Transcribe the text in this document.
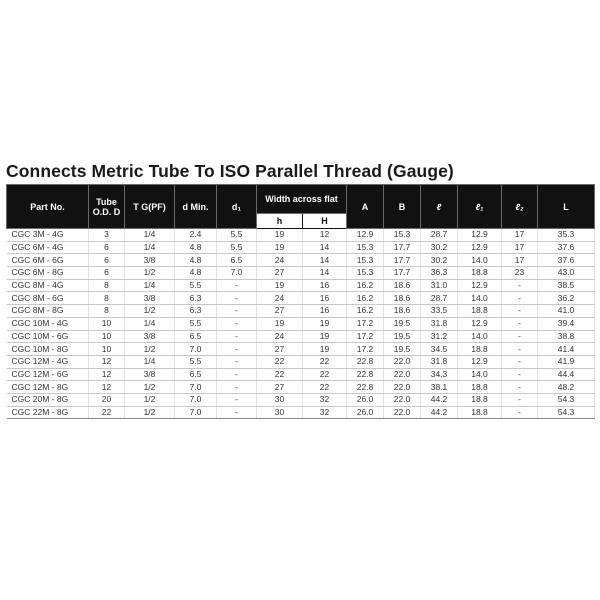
Connects Metric Tube To ISO Parallel Thread (Gauge)
Part No.	Tube O.D. D	T G(PF)	d Min.	d₁	Width across flat		A	B	ℓ	ℓ₁	ℓ₂	L
					h	H						
CGC 3M - 4G	3	1/4	2.4	5.5	19	12	12.9	15.3	28.7	12.9	17	35.3
CGC 6M - 4G	6	1/4	4.8	5.5	19	14	15.3	17.7	30.2	12.9	17	37.6
CGC 6M - 6G	6	3/8	4.8	6.5	24	14	15.3	17.7	30.2	14.0	17	37.6
CGC 6M - 8G	6	1/2	4.8	7.0	27	14	15.3	17.7	36.3	18.8	23	43.0
CGC 8M - 4G	8	1/4	5.5	-	19	16	16.2	18.6	31.0	12.9	-	38.5
CGC 8M - 6G	8	3/8	6.3	-	24	16	16.2	18.6	28.7	14.0	-	36.2
CGC 8M - 8G	8	1/2	6.3	-	27	16	16.2	18.6	33.5	18.8	-	41.0
CGC 10M - 4G	10	1/4	5.5	-	19	19	17.2	19.5	31.8	12.9	-	39.4
CGC 10M - 6G	10	3/8	6.5	-	24	19	17.2	19.5	31.2	14.0	-	38.8
CGC 10M - 8G	10	1/2	7.0	-	27	19	17.2	19.5	34.5	18.8	-	41.4
CGC 12M - 4G	12	1/4	5.5	-	22	22	22.8	22.0	31.8	12.9	-	41.9
CGC 12M - 6G	12	3/8	6.5	-	22	22	22.8	22.0	34.3	14.0	-	44.4
CGC 12M - 8G	12	1/2	7.0	-	27	22	22.8	22.0	38.1	18.8	-	48.2
CGC 20M - 8G	20	1/2	7.0	-	30	32	26.0	22.0	44.2	18.8	-	54.3
CGC 22M - 8G	22	1/2	7.0	-	30	32	26.0	22.0	44.2	18.8	-	54.3
